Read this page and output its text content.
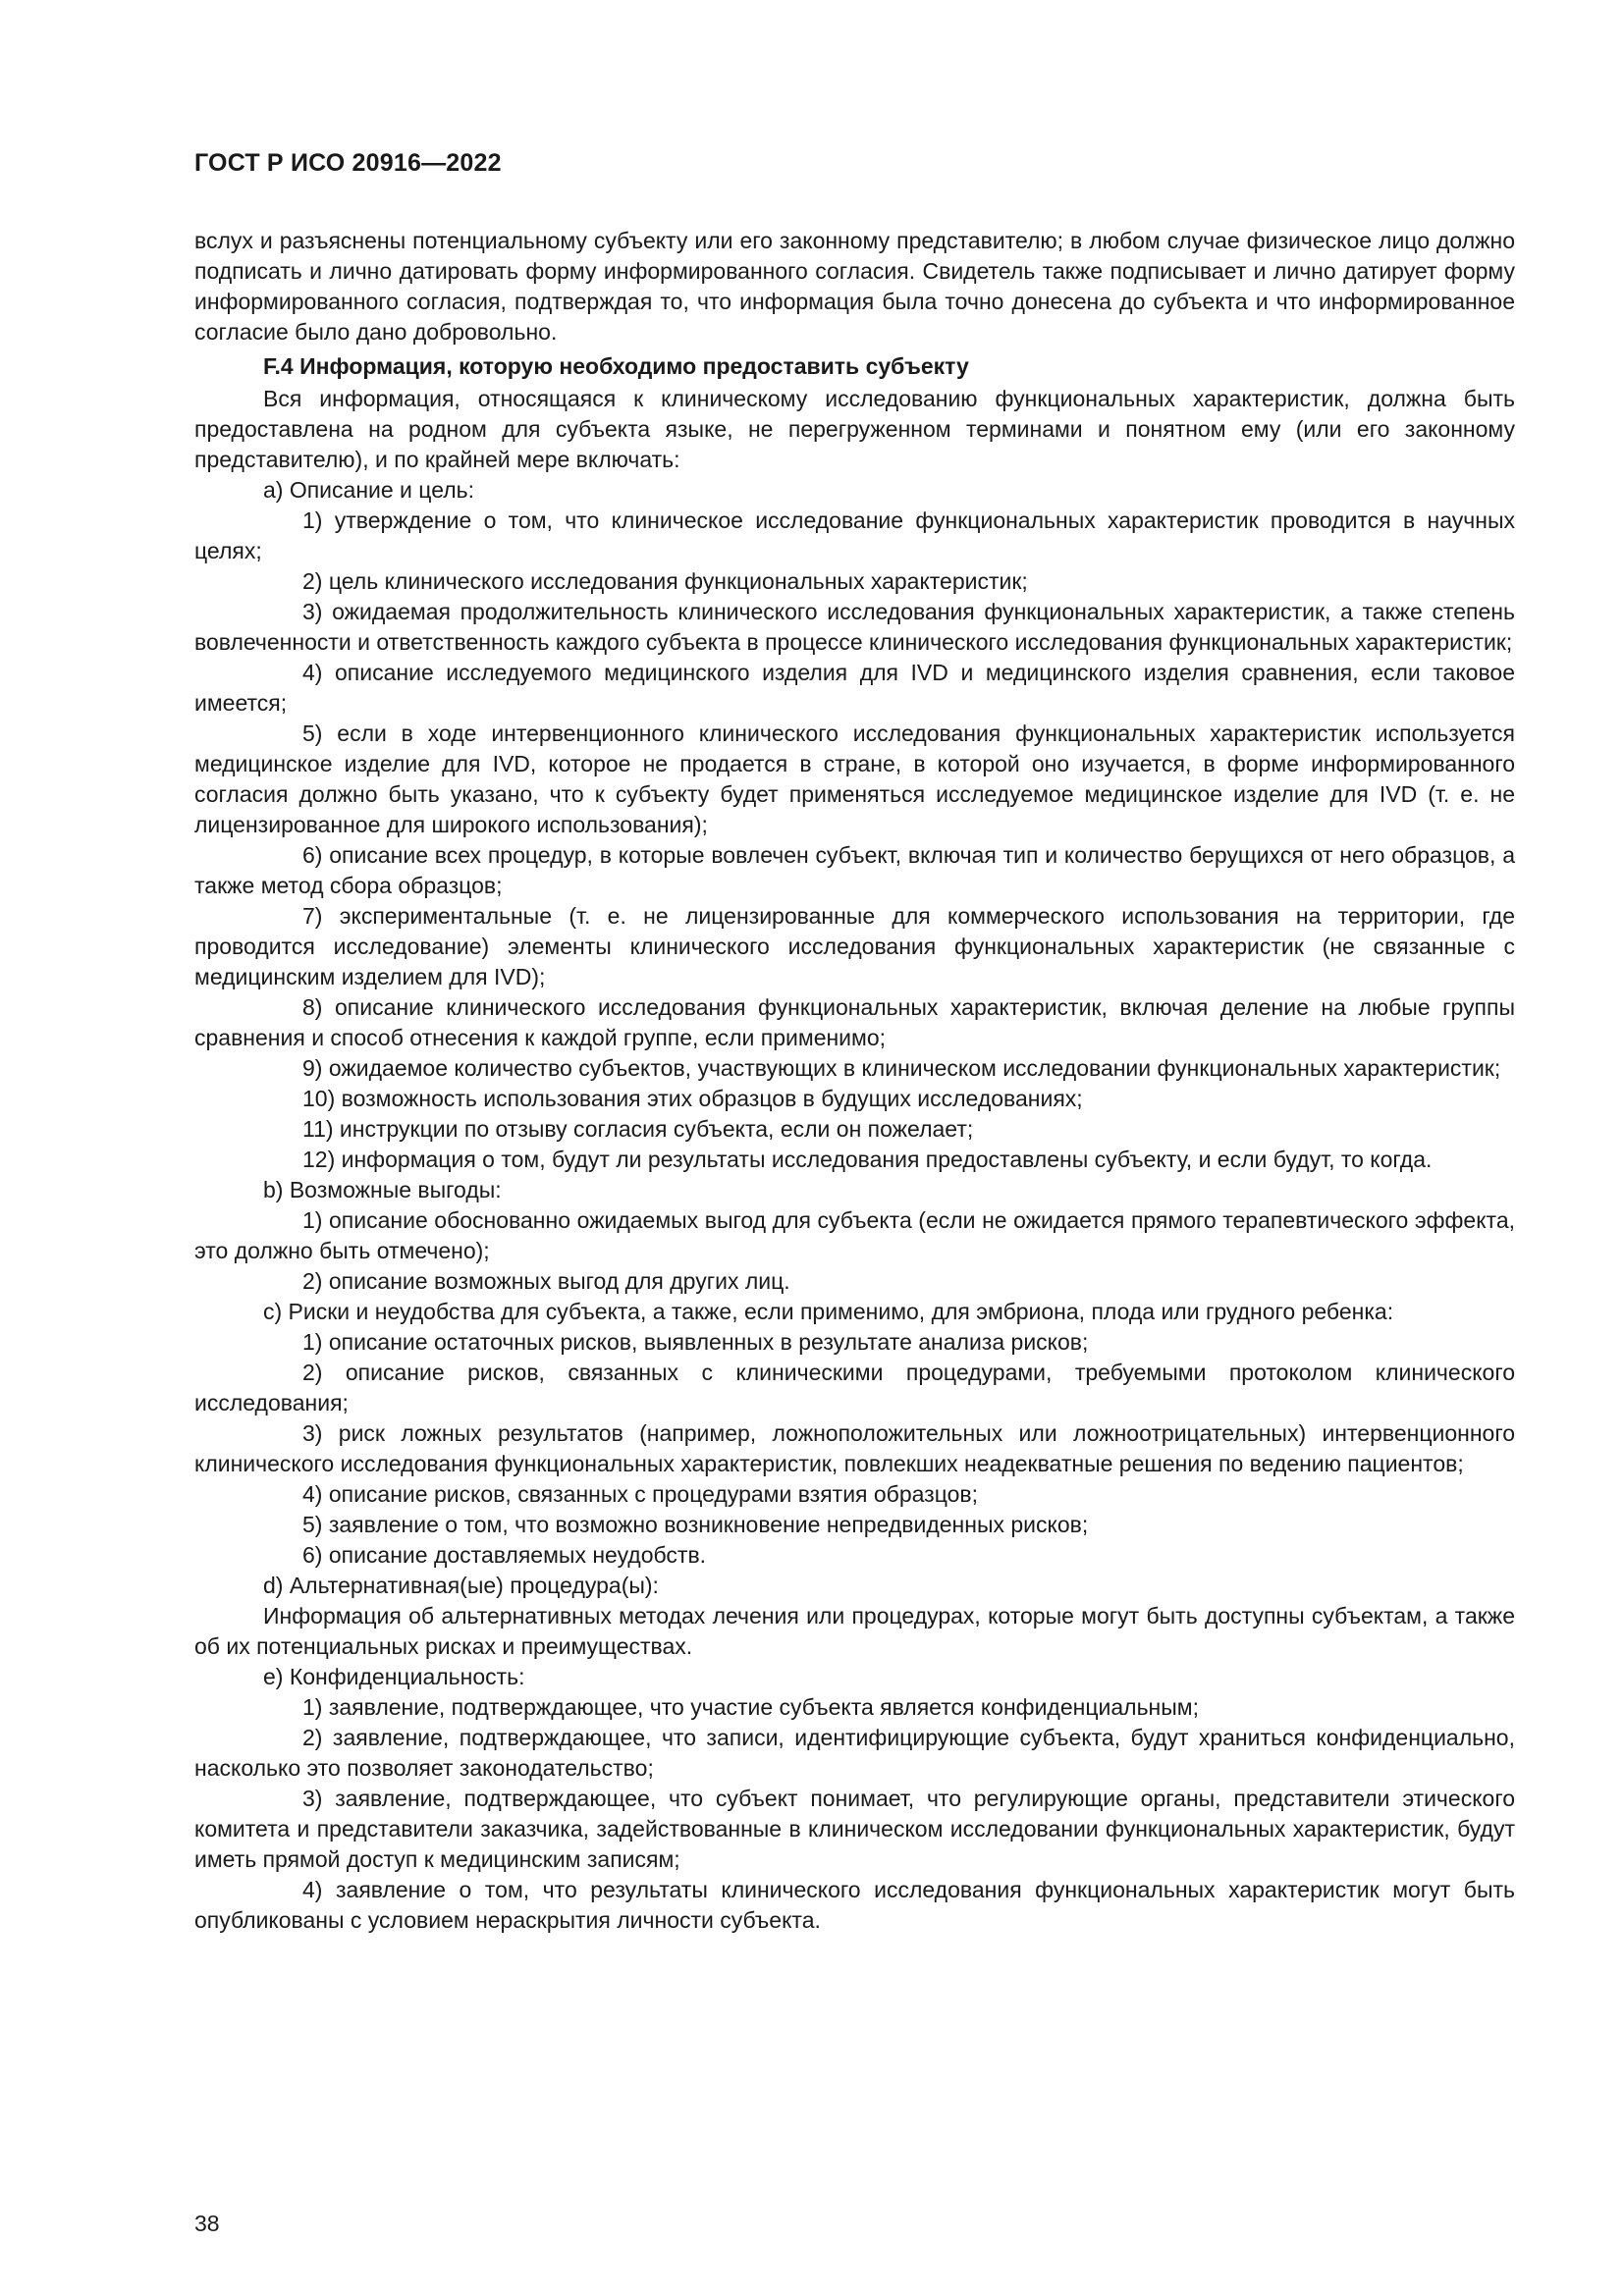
ГОСТ Р ИСО 20916—2022

вслух и разъяснены потенциальному субъекту или его законному представителю; в любом случае физическое лицо должно подписать и лично датировать форму информированного согласия. Свидетель также подписывает и лично датирует форму информированного согласия, подтверждая то, что информация была точно донесена до субъекта и что информированное согласие было дано добровольно.

F.4 Информация, которую необходимо предоставить субъекту

Вся информация, относящаяся к клиническому исследованию функциональных характеристик, должна быть предоставлена на родном для субъекта языке, не перегруженном терминами и понятном ему (или его законному представителю), и по крайней мере включать:

a) Описание и цель:

1) утверждение о том, что клиническое исследование функциональных характеристик проводится в научных целях;

2) цель клинического исследования функциональных характеристик;

3) ожидаемая продолжительность клинического исследования функциональных характеристик, а также степень вовлеченности и ответственность каждого субъекта в процессе клинического исследования функциональных характеристик;

4) описание исследуемого медицинского изделия для IVD и медицинского изделия сравнения, если таковое имеется;

5) если в ходе интервенционного клинического исследования функциональных характеристик используется медицинское изделие для IVD, которое не продается в стране, в которой оно изучается, в форме информированного согласия должно быть указано, что к субъекту будет применяться исследуемое медицинское изделие для IVD (т. е. не лицензированное для широкого использования);

6) описание всех процедур, в которые вовлечен субъект, включая тип и количество берущихся от него образцов, а также метод сбора образцов;

7) экспериментальные (т. е. не лицензированные для коммерческого использования на территории, где проводится исследование) элементы клинического исследования функциональных характеристик (не связанные с медицинским изделием для IVD);

8) описание клинического исследования функциональных характеристик, включая деление на любые группы сравнения и способ отнесения к каждой группе, если применимо;

9) ожидаемое количество субъектов, участвующих в клиническом исследовании функциональных характеристик;

10) возможность использования этих образцов в будущих исследованиях;

11) инструкции по отзыву согласия субъекта, если он пожелает;

12) информация о том, будут ли результаты исследования предоставлены субъекту, и если будут, то когда.

b) Возможные выгоды:

1) описание обоснованно ожидаемых выгод для субъекта (если не ожидается прямого терапевтического эффекта, это должно быть отмечено);

2) описание возможных выгод для других лиц.

c) Риски и неудобства для субъекта, а также, если применимо, для эмбриона, плода или грудного ребенка:

1) описание остаточных рисков, выявленных в результате анализа рисков;

2) описание рисков, связанных с клиническими процедурами, требуемыми протоколом клинического исследования;

3) риск ложных результатов (например, ложноположительных или ложноотрицательных) интервенционного клинического исследования функциональных характеристик, повлекших неадекватные решения по ведению пациентов;

4) описание рисков, связанных с процедурами взятия образцов;

5) заявление о том, что возможно возникновение непредвиденных рисков;

6) описание доставляемых неудобств.

d) Альтернативная(ые) процедура(ы):

Информация об альтернативных методах лечения или процедурах, которые могут быть доступны субъектам, а также об их потенциальных рисках и преимуществах.

e) Конфиденциальность:

1) заявление, подтверждающее, что участие субъекта является конфиденциальным;

2) заявление, подтверждающее, что записи, идентифицирующие субъекта, будут храниться конфиденциально, насколько это позволяет законодательство;

3) заявление, подтверждающее, что субъект понимает, что регулирующие органы, представители этического комитета и представители заказчика, задействованные в клиническом исследовании функциональных характеристик, будут иметь прямой доступ к медицинским записям;

4) заявление о том, что результаты клинического исследования функциональных характеристик могут быть опубликованы с условием нераскрытия личности субъекта.

38
